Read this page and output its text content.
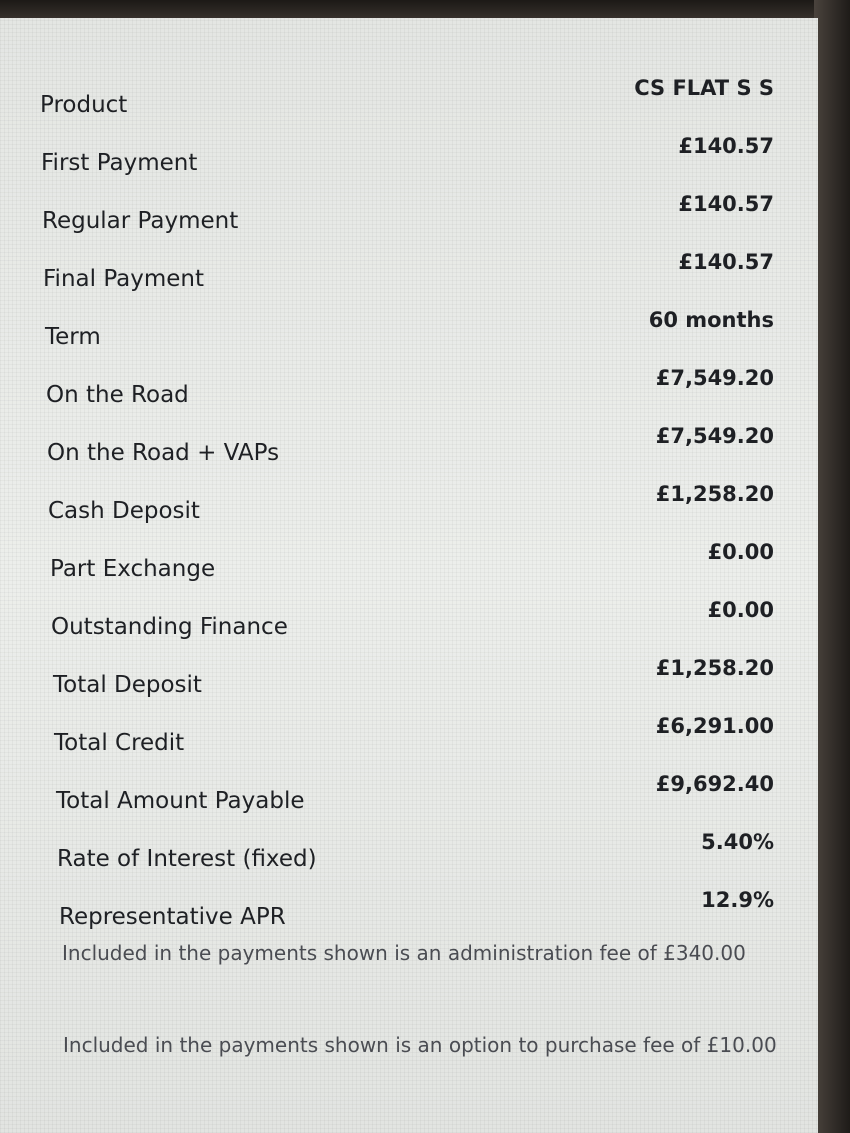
Product
CS FLAT S S
First Payment
£140.57
Regular Payment
£140.57
Final Payment
£140.57
Term
60 months
On the Road
£7,549.20
On the Road + VAPs
£7,549.20
Cash Deposit
£1,258.20
Part Exchange
£0.00
Outstanding Finance
£0.00
Total Deposit
£1,258.20
Total Credit
£6,291.00
Total Amount Payable
£9,692.40
Rate of Interest (fixed)
5.40%
Representative APR
12.9%
Included in the payments shown is an administration fee of £340.00
Included in the payments shown is an option to purchase fee of £10.00
